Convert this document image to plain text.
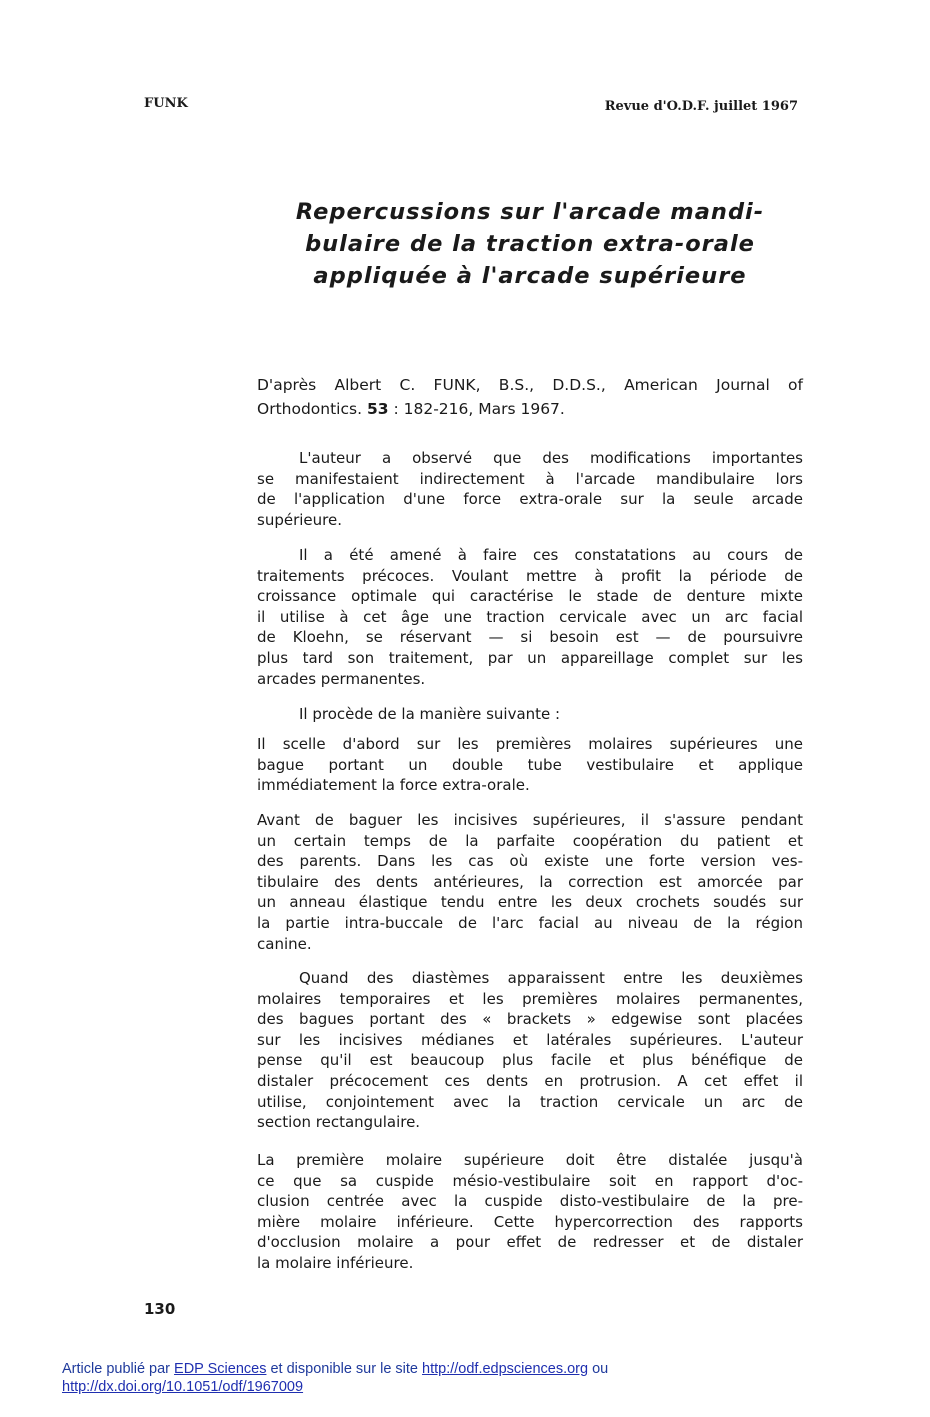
FUNK	Revue d'O.D.F. juillet 1967
Repercussions sur l'arcade mandi-
bulaire de la traction extra-orale
appliquée à l'arcade supérieure
D'après Albert C. FUNK, B.S., D.D.S., American Journal of
Orthodontics. 53 : 182-216, Mars 1967.
L'auteur a observé que des modifications importantes
se manifestaient indirectement à l'arcade mandibulaire lors
de l'application d'une force extra-orale sur la seule arcade
supérieure.
Il a été amené à faire ces constatations au cours de
traitements précoces. Voulant mettre à profit la période de
croissance optimale qui caractérise le stade de denture mixte
il utilise à cet âge une traction cervicale avec un arc facial
de Kloehn, se réservant — si besoin est — de poursuivre
plus tard son traitement, par un appareillage complet sur les
arcades permanentes.
Il procède de la manière suivante :
Il scelle d'abord sur les premières molaires supérieures une
bague portant un double tube vestibulaire et applique
immédiatement la force extra-orale.
Avant de baguer les incisives supérieures, il s'assure pendant
un certain temps de la parfaite coopération du patient et
des parents. Dans les cas où existe une forte version ves-
tibulaire des dents antérieures, la correction est amorcée par
un anneau élastique tendu entre les deux crochets soudés sur
la partie intra-buccale de l'arc facial au niveau de la région
canine.
Quand des diastèmes apparaissent entre les deuxièmes
molaires temporaires et les premières molaires permanentes,
des bagues portant des « brackets » edgewise sont placées
sur les incisives médianes et latérales supérieures. L'auteur
pense qu'il est beaucoup plus facile et plus bénéfique de
distaler précocement ces dents en protrusion. A cet effet il
utilise, conjointement avec la traction cervicale un arc de
section rectangulaire.
La première molaire supérieure doit être distalée jusqu'à
ce que sa cuspide mésio-vestibulaire soit en rapport d'oc-
clusion centrée avec la cuspide disto-vestibulaire de la pre-
mière molaire inférieure. Cette hypercorrection des rapports
d'occlusion molaire a pour effet de redresser et de distaler
la molaire inférieure.
130
Article publié par EDP Sciences et disponible sur le site http://odf.edpsciences.org ou
http://dx.doi.org/10.1051/odf/1967009
